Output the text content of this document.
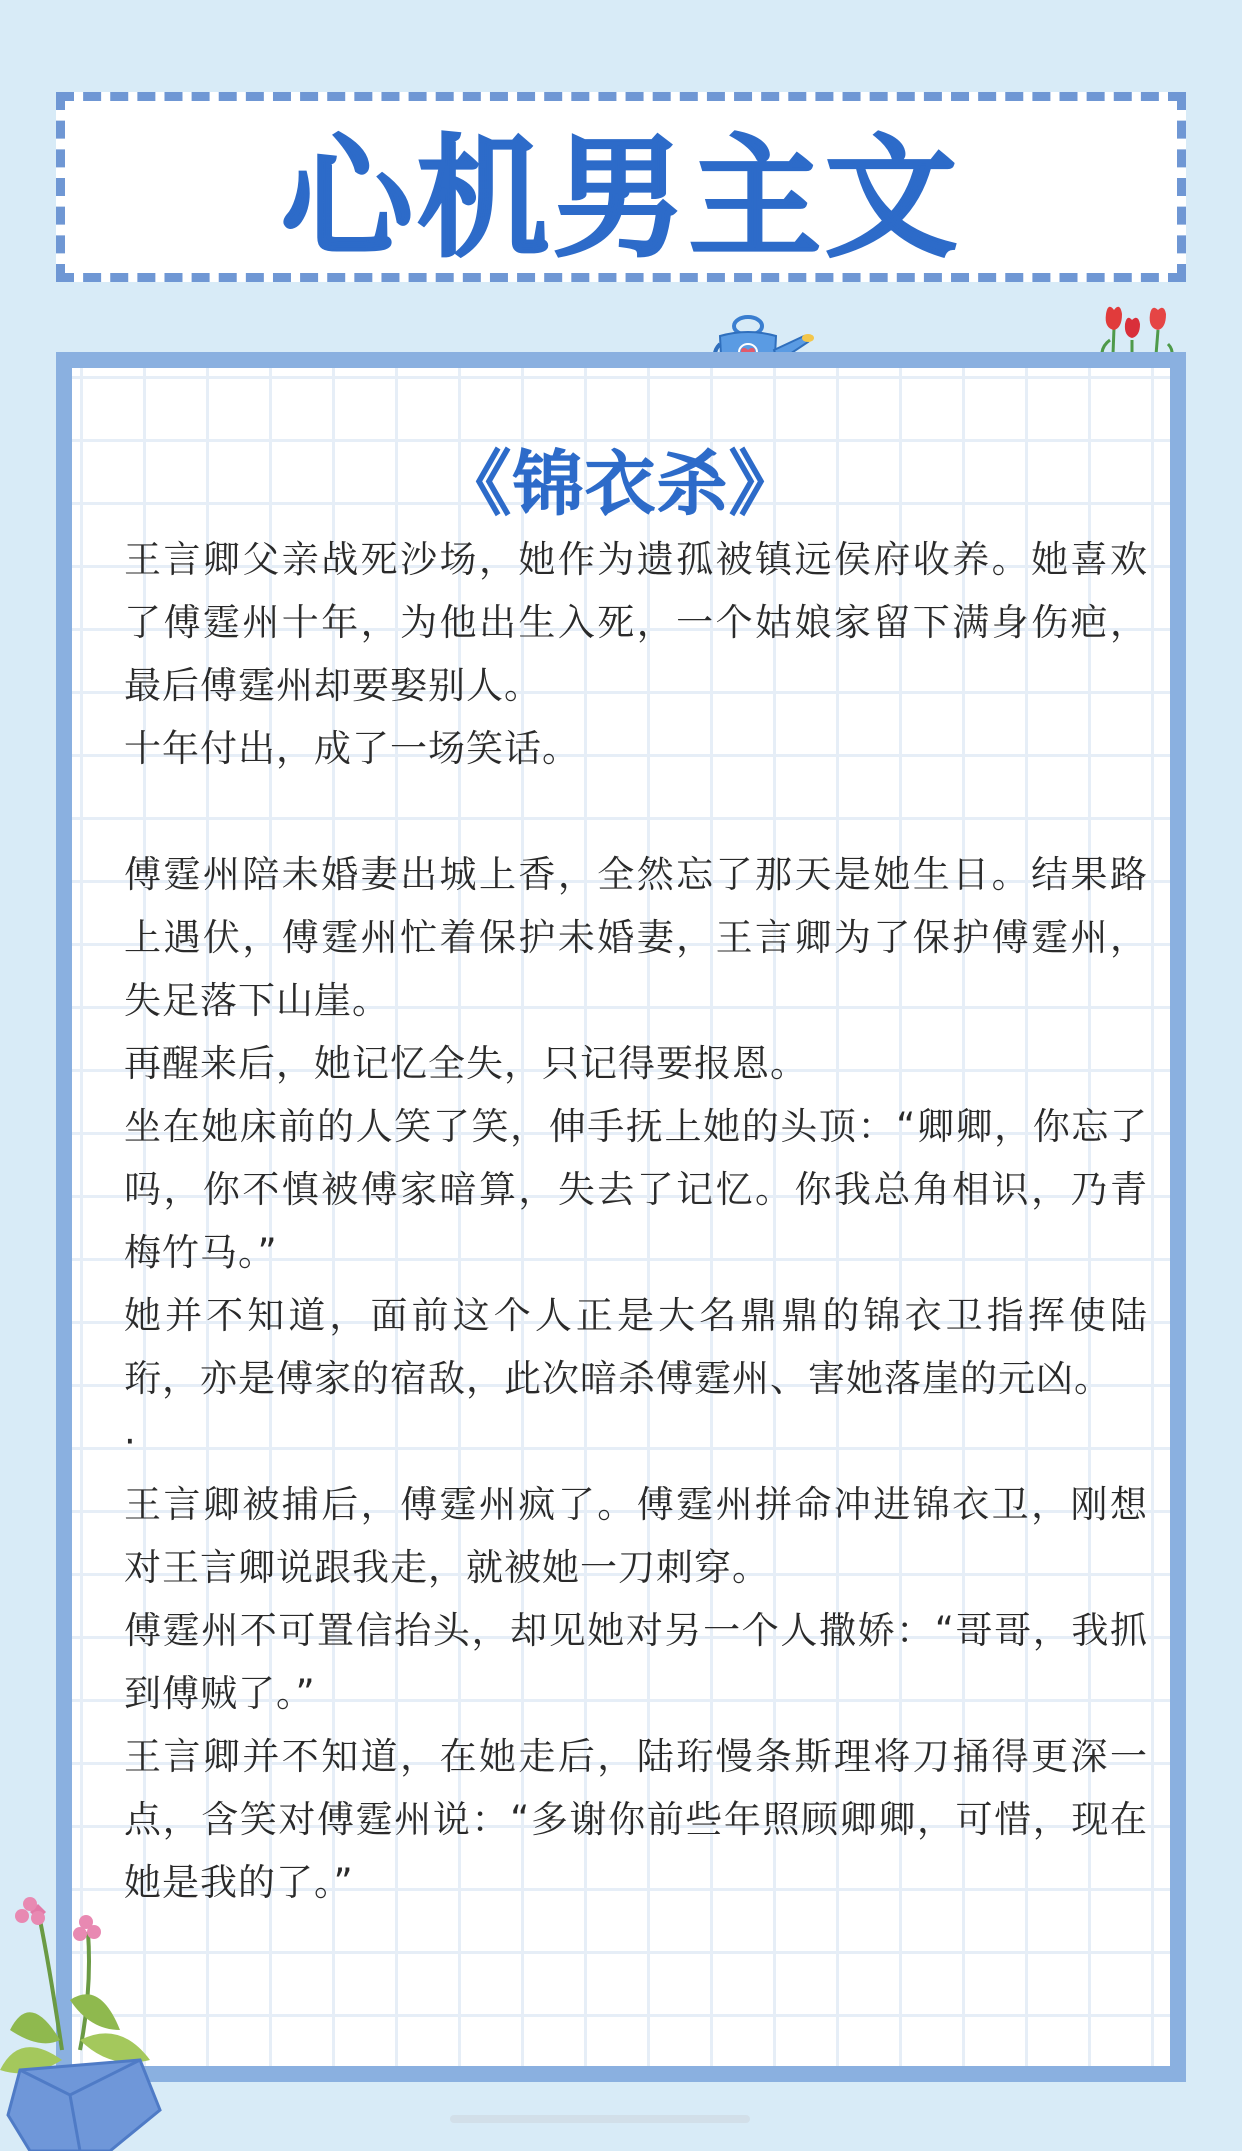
心机男主文
《锦衣杀》

王言卿父亲战死沙场，她作为遗孤被镇远侯府收养。她喜欢了傅霆州十年，为他出生入死，一个姑娘家留下满身伤疤，最后傅霆州却要娶别人。

十年付出，成了一场笑话。

傅霆州陪未婚妻出城上香，全然忘了那天是她生日。结果路上遇伏，傅霆州忙着保护未婚妻，王言卿为了保护傅霆州，失足落下山崖。

再醒来后，她记忆全失，只记得要报恩。

坐在她床前的人笑了笑，伸手抚上她的头顶：“卿卿，你忘了吗，你不慎被傅家暗算，失去了记忆。你我总角相识，乃青梅竹马。”

她并不知道，面前这个人正是大名鼎鼎的锦衣卫指挥使陆珩，亦是傅家的宿敌，此次暗杀傅霆州、害她落崖的元凶。

·

王言卿被捕后，傅霆州疯了。傅霆州拼命冲进锦衣卫，刚想对王言卿说跟我走，就被她一刀刺穿。

傅霆州不可置信抬头，却见她对另一个人撒娇：“哥哥，我抓到傅贼了。”

王言卿并不知道，在她走后，陆珩慢条斯理将刀捅得更深一点，含笑对傅霆州说：“多谢你前些年照顾卿卿，可惜，现在她是我的了。”
